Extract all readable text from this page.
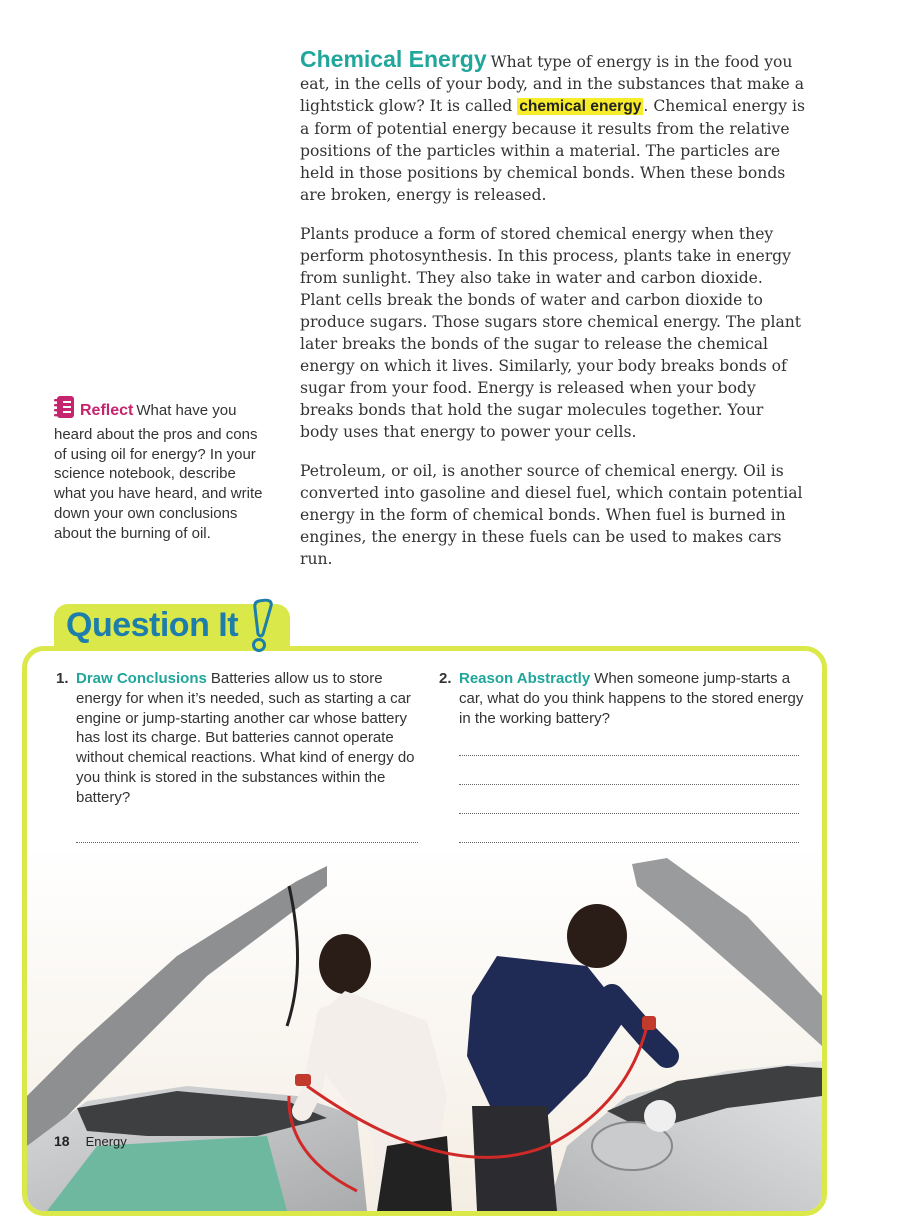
Chemical Energy What type of energy is in the food you eat, in the cells of your body, and in the substances that make a lightstick glow? It is called chemical energy . Chemical energy is a form of potential energy because it results from the relative positions of the particles within a material. The particles are held in those positions by chemical bonds. When these bonds are broken, energy is released.

Plants produce a form of stored chemical energy when they perform photosynthesis. In this process, plants take in energy from sunlight. They also take in water and carbon dioxide. Plant cells break the bonds of water and carbon dioxide to produce sugars. Those sugars store chemical energy. The plant later breaks the bonds of the sugar to release the chemical energy on which it lives. Similarly, your body breaks bonds of sugar from your food. Energy is released when your body breaks bonds that hold the sugar molecules together. Your body uses that energy to power your cells.

Petroleum, or oil, is another source of chemical energy. Oil is converted into gasoline and diesel fuel, which contain potential energy in the form of chemical bonds. When fuel is burned in engines, the energy in these fuels can be used to makes cars run.

Reflect What have you heard about the pros and cons of using oil for energy? In your science notebook, describe what you have heard, and write down your own conclusions about the burning of oil.
Question It
1. Draw Conclusions Batteries allow us to store energy for when it’s needed, such as starting a car engine or jump-starting another car whose battery has lost its charge. But batteries cannot operate without chemical reactions. What kind of energy do you think is stored in the substances within the battery?
2. Reason Abstractly When someone jump-starts a car, what do you think happens to the stored energy in the working battery?
18 Energy
